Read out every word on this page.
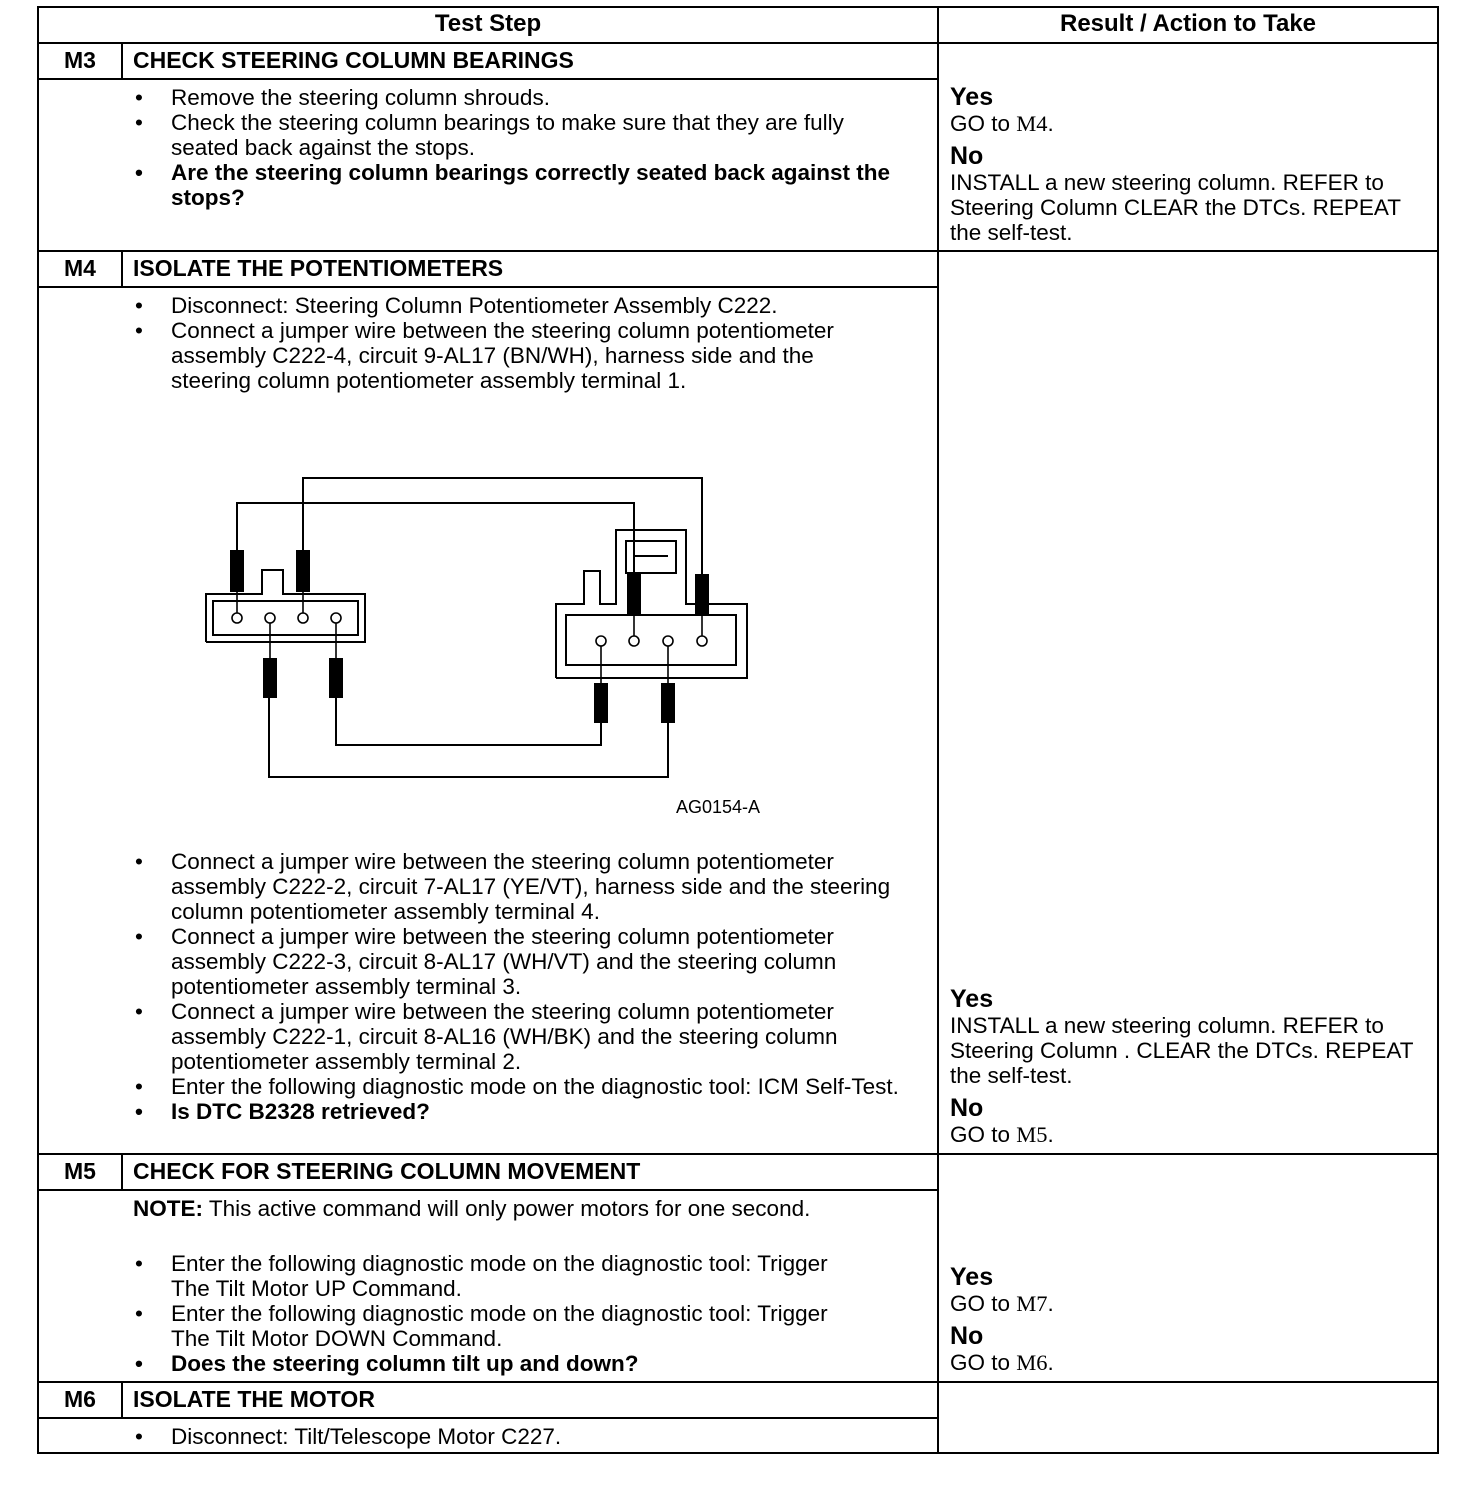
Test Step	Result / Action to Take
M3	CHECK STEERING COLUMN BEARINGS
• Remove the steering column shrouds.
• Check the steering column bearings to make sure that they are fully seated back against the stops.
• Are the steering column bearings correctly seated back against the stops?
Yes
GO to M4.
No
INSTALL a new steering column. REFER to Steering Column CLEAR the DTCs. REPEAT the self-test.
M4	ISOLATE THE POTENTIOMETERS
• Disconnect: Steering Column Potentiometer Assembly C222.
• Connect a jumper wire between the steering column potentiometer assembly C222-4, circuit 9-AL17 (BN/WH), harness side and the steering column potentiometer assembly terminal 1.
AG0154-A
• Connect a jumper wire between the steering column potentiometer assembly C222-2, circuit 7-AL17 (YE/VT), harness side and the steering column potentiometer assembly terminal 4.
• Connect a jumper wire between the steering column potentiometer assembly C222-3, circuit 8-AL17 (WH/VT) and the steering column potentiometer assembly terminal 3.
• Connect a jumper wire between the steering column potentiometer assembly C222-1, circuit 8-AL16 (WH/BK) and the steering column potentiometer assembly terminal 2.
• Enter the following diagnostic mode on the diagnostic tool: ICM Self-Test.
• Is DTC B2328 retrieved?
Yes
INSTALL a new steering column. REFER to Steering Column . CLEAR the DTCs. REPEAT the self-test.
No
GO to M5.
M5	CHECK FOR STEERING COLUMN MOVEMENT
NOTE: This active command will only power motors for one second.
• Enter the following diagnostic mode on the diagnostic tool: Trigger The Tilt Motor UP Command.
• Enter the following diagnostic mode on the diagnostic tool: Trigger The Tilt Motor DOWN Command.
• Does the steering column tilt up and down?
Yes
GO to M7.
No
GO to M6.
M6	ISOLATE THE MOTOR
• Disconnect: Tilt/Telescope Motor C227.
